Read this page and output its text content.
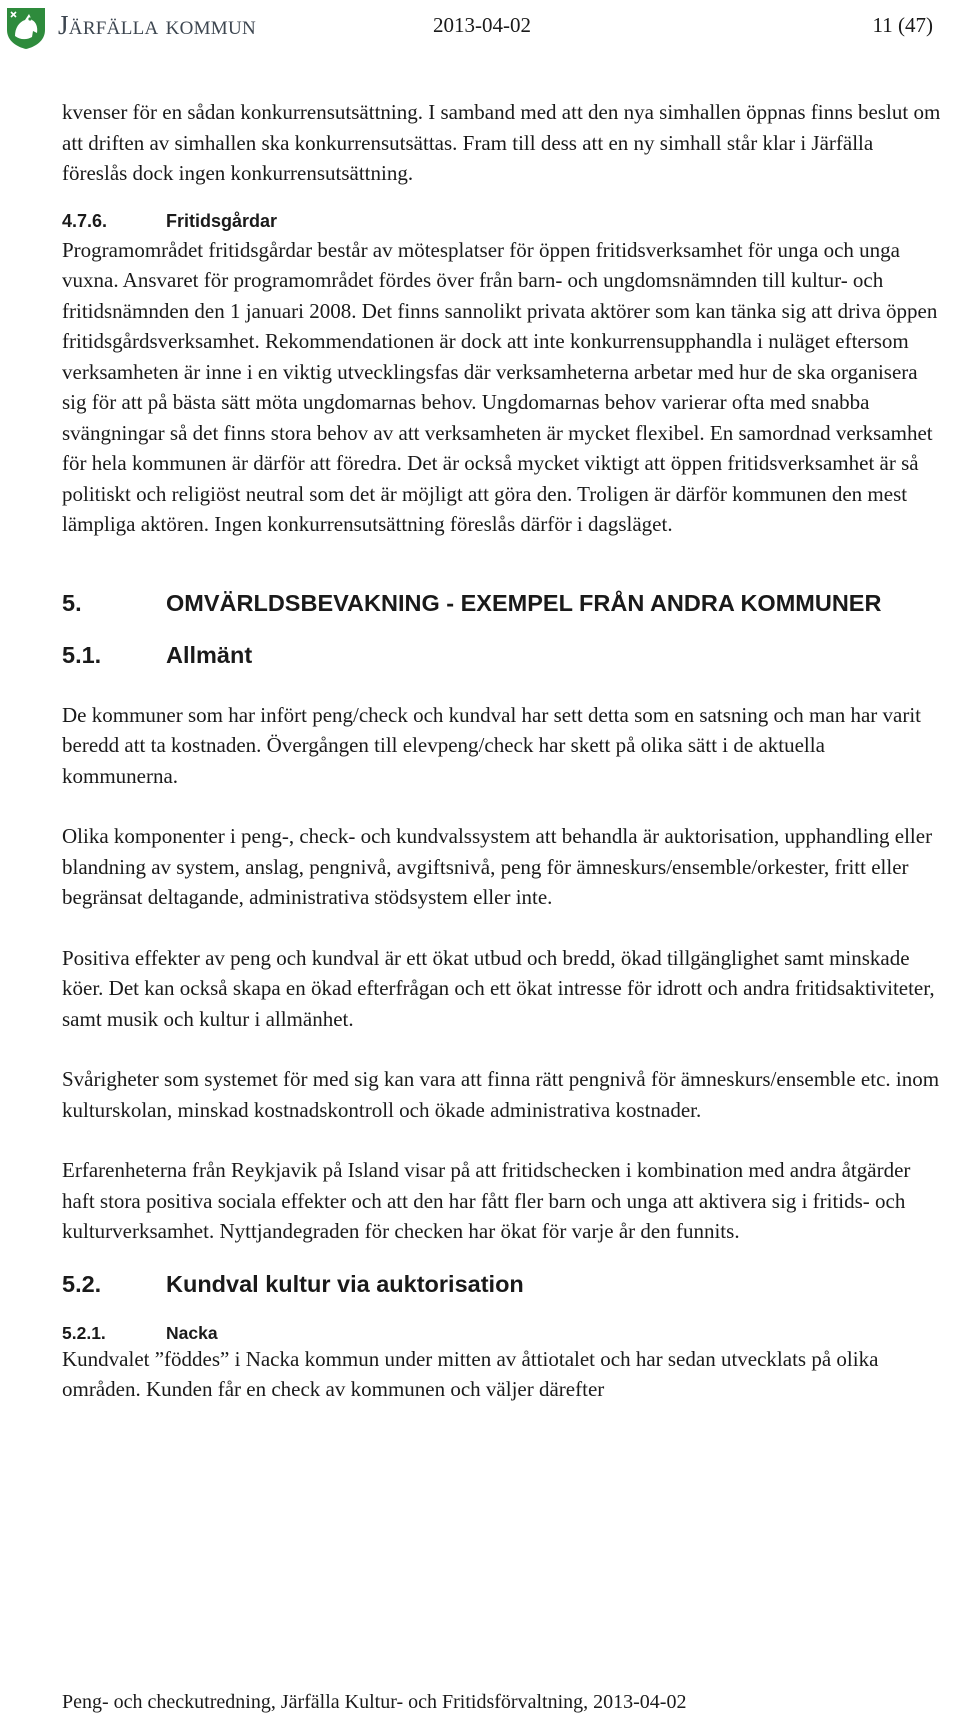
Järfälla kommun	2013-04-02	11 (47)

kvenser för en sådan konkurrensutsättning. I samband med att den nya simhallen öppnas finns beslut om att driften av simhallen ska konkurrensutsättas. Fram till dess att en ny simhall står klar i Järfälla föreslås dock ingen konkurrensutsättning.

4.7.6.	Fritidsgårdar

Programområdet fritidsgårdar består av mötesplatser för öppen fritidsverksamhet för unga och unga vuxna. Ansvaret för programområdet fördes över från barn- och ungdomsnämnden till kultur- och fritidsnämnden den 1 januari 2008. Det finns sannolikt privata aktörer som kan tänka sig att driva öppen fritidsgårdsverksamhet. Rekommendationen är dock att inte konkurrensupphandla i nuläget eftersom verksamheten är inne i en viktig utvecklingsfas där verksamheterna arbetar med hur de ska organisera sig för att på bästa sätt möta ungdomarnas behov. Ungdomarnas behov varierar ofta med snabba svängningar så det finns stora behov av att verksamheten är mycket flexibel. En samordnad verksamhet för hela kommunen är därför att föredra. Det är också mycket viktigt att öppen fritidsverksamhet är så politiskt och religiöst neutral som det är möjligt att göra den. Troligen är därför kommunen den mest lämpliga aktören. Ingen konkurrensutsättning föreslås därför i dagsläget.

5.	OMVÄRLDSBEVAKNING - EXEMPEL FRÅN ANDRA KOMMUNER
5.1.	Allmänt

De kommuner som har infört peng/check och kundval har sett detta som en satsning och man har varit beredd att ta kostnaden. Övergången till elevpeng/check har skett på olika sätt i de aktuella kommunerna.

Olika komponenter i peng-, check- och kundvalssystem att behandla är auktorisation, upphandling eller blandning av system, anslag, pengnivå, avgiftsnivå, peng för ämneskurs/ensemble/orkester, fritt eller begränsat deltagande, administrativa stödsystem eller inte.

Positiva effekter av peng och kundval är ett ökat utbud och bredd, ökad tillgänglighet samt minskade köer. Det kan också skapa en ökad efterfrågan och ett ökat intresse för idrott och andra fritidsaktiviteter, samt musik och kultur i allmänhet.

Svårigheter som systemet för med sig kan vara att finna rätt pengnivå för ämneskurs/ensemble etc. inom kulturskolan, minskad kostnadskontroll och ökade administrativa kostnader.

Erfarenheterna från Reykjavik på Island visar på att fritidschecken i kombination med andra åtgärder haft stora positiva sociala effekter och att den har fått fler barn och unga att aktivera sig i fritids- och kulturverksamhet. Nyttjandegraden för checken har ökat för varje år den funnits.

5.2.	Kundval kultur via auktorisation
5.2.1.	Nacka

Kundvalet ”föddes” i Nacka kommun under mitten av åttiotalet och har sedan utvecklats på olika områden. Kunden får en check av kommunen och väljer därefter

Peng- och checkutredning, Järfälla Kultur- och Fritidsförvaltning, 2013-04-02
